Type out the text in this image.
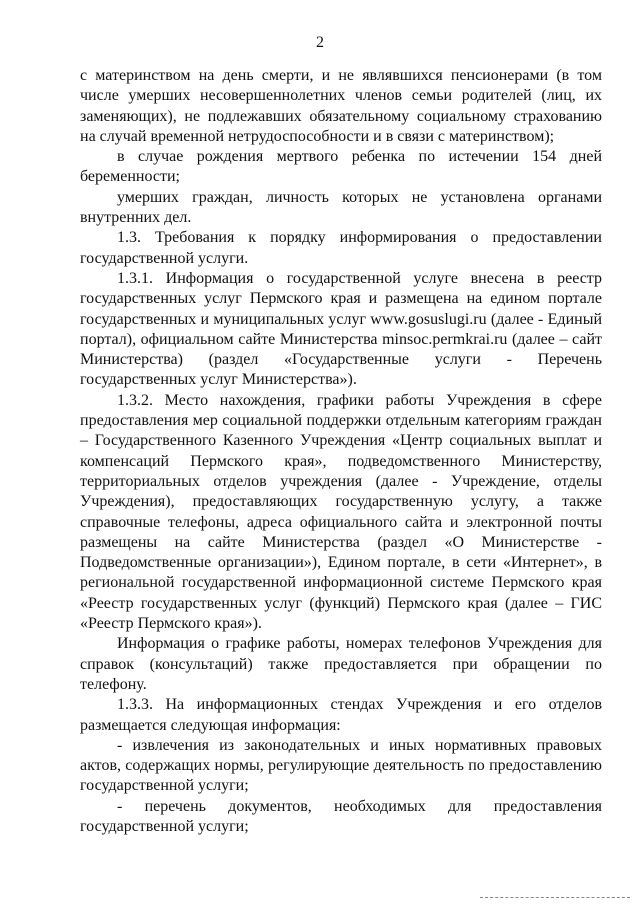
2

с материнством на день смерти, и не являвшихся пенсионерами (в том числе умерших несовершеннолетних членов семьи родителей (лиц, их заменяющих), не подлежавших обязательному социальному страхованию на случай временной нетрудоспособности и в связи с материнством);

в случае рождения мертвого ребенка по истечении 154 дней беременности;

умерших граждан, личность которых не установлена органами внутренних дел.

1.3. Требования к порядку информирования о предоставлении государственной услуги.

1.3.1. Информация о государственной услуге внесена в реестр государственных услуг Пермского края и размещена на едином портале государственных и муниципальных услуг www.gosuslugi.ru (далее - Единый портал), официальном сайте Министерства minsoc.permkrai.ru (далее – сайт Министерства) (раздел «Государственные услуги - Перечень государственных услуг Министерства»).

1.3.2. Место нахождения, графики работы Учреждения в сфере предоставления мер социальной поддержки отдельным категориям граждан – Государственного Казенного Учреждения «Центр социальных выплат и компенсаций Пермского края», подведомственного Министерству, территориальных отделов учреждения (далее - Учреждение, отделы Учреждения), предоставляющих государственную услугу, а также справочные телефоны, адреса официального сайта и электронной почты размещены на сайте Министерства (раздел «О Министерстве - Подведомственные организации»), Едином портале, в сети «Интернет», в региональной государственной информационной системе Пермского края «Реестр государственных услуг (функций) Пермского края (далее – ГИС «Реестр Пермского края»).

Информация о графике работы, номерах телефонов Учреждения для справок (консультаций) также предоставляется при обращении по телефону.

1.3.3. На информационных стендах Учреждения и его отделов размещается следующая информация:

- извлечения из законодательных и иных нормативных правовых актов, содержащих нормы, регулирующие деятельность по предоставлению государственной услуги;

- перечень документов, необходимых для предоставления государственной услуги;
